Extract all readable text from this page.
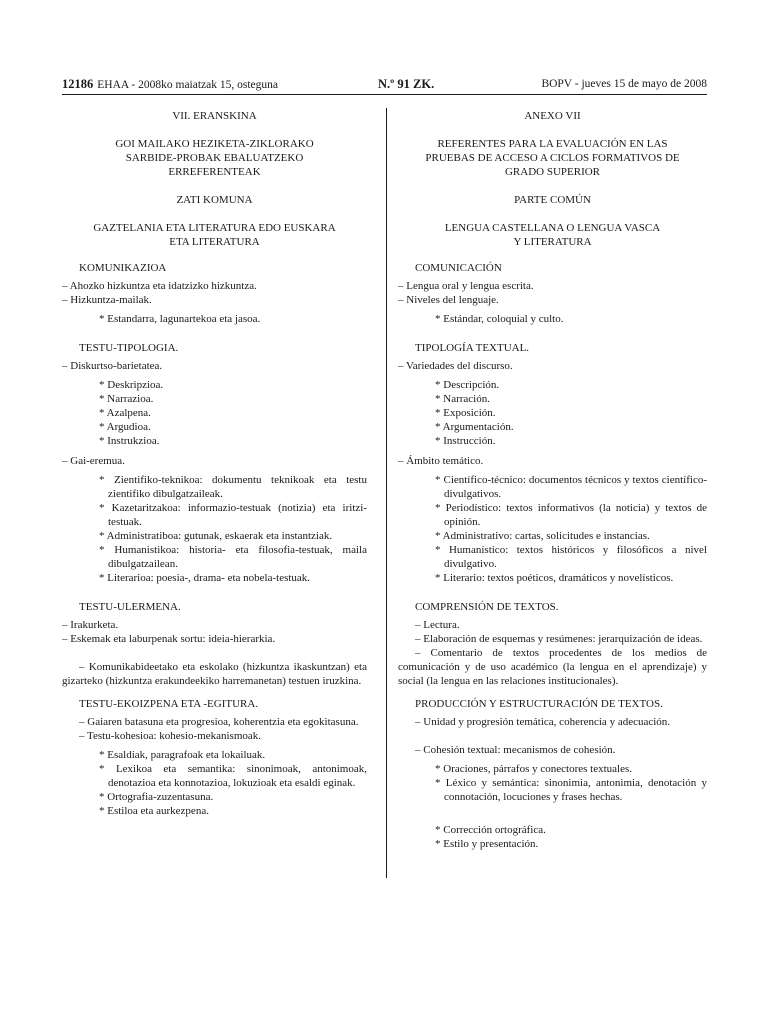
12186 EHAA - 2008ko maiatzak 15, osteguna	N.º 91 ZK.	BOPV - jueves 15 de mayo de 2008

VII. ERANSKINA

GOI MAILAKO HEZIKETA-ZIKLORAKO

SARBIDE-PROBAK EBALUATZEKO

ERREFERENTEAK

ZATI KOMUNA

GAZTELANIA ETA LITERATURA EDO EUSKARA

ETA LITERATURA

KOMUNIKAZIOA

– Ahozko hizkuntza eta idatzizko hizkuntza.

– Hizkuntza-mailak.

* Estandarra, lagunartekoa eta jasoa.

TESTU-TIPOLOGIA.

– Diskurtso-barietatea.

* Deskripzioa.
* Narrazioa.
* Azalpena.
* Argudioa.
* Instrukzioa.

– Gai-eremua.

* Zientifiko-teknikoa: dokumentu teknikoak eta testu zientifiko dibulgatzaileak.
* Kazetaritzakoa: informazio-testuak (notizia) eta iritzi-testuak.
* Administratiboa: gutunak, eskaerak eta instantziak.
* Humanistikoa: historia- eta filosofia-testuak, maila dibulgatzailean.
* Literarioa: poesia-, drama- eta nobela-testuak.

TESTU-ULERMENA.

– Irakurketa.

– Eskemak eta laburpenak sortu: ideia-hierarkia.

– Komunikabideetako eta eskolako (hizkuntza ikaskuntzan) eta gizarteko (hizkuntza erakundeekiko harremanetan) testuen iruzkina.

TESTU-EKOIZPENA ETA -EGITURA.

– Gaiaren batasuna eta progresioa, koherentzia eta egokitasuna.

– Testu-kohesioa: kohesio-mekanismoak.

* Esaldiak, paragrafoak eta lokailuak.
* Lexikoa eta semantika: sinonimoak, antonimoak, denotazioa eta konnotazioa, lokuzioak eta esaldi eginak.
* Ortografia-zuzentasuna.
* Estiloa eta aurkezpena.

ANEXO VII

REFERENTES PARA LA EVALUACIÓN EN LAS

PRUEBAS DE ACCESO A CICLOS FORMATIVOS DE

GRADO SUPERIOR

PARTE COMÚN

LENGUA CASTELLANA O LENGUA VASCA

Y LITERATURA

COMUNICACIÓN

– Lengua oral y lengua escrita.

– Niveles del lenguaje.

* Estándar, coloquial y culto.

TIPOLOGÍA TEXTUAL.

– Variedades del discurso.

* Descripción.
* Narración.
* Exposición.
* Argumentación.
* Instrucción.

– Ámbito temático.

* Científico-técnico: documentos técnicos y textos científico-divulgativos.
* Periodístico: textos informativos (la noticia) y textos de opinión.
* Administrativo: cartas, solicitudes e instancias.
* Humanístico: textos históricos y filosóficos a nivel divulgativo.
* Literario: textos poéticos, dramáticos y novelísticos.

COMPRENSIÓN DE TEXTOS.

– Lectura.

– Elaboración de esquemas y resúmenes: jerarquización de ideas.

– Comentario de textos procedentes de los medios de comunicación y de uso académico (la lengua en el aprendizaje) y social (la lengua en las relaciones institucionales).

PRODUCCIÓN Y ESTRUCTURACIÓN DE TEXTOS.

– Unidad y progresión temática, coherencia y adecuación.

– Cohesión textual: mecanismos de cohesión.

* Oraciones, párrafos y conectores textuales.
* Léxico y semántica: sinonimia, antonimia, denotación y connotación, locuciones y frases hechas.
* Corrección ortográfica.
* Estilo y presentación.
